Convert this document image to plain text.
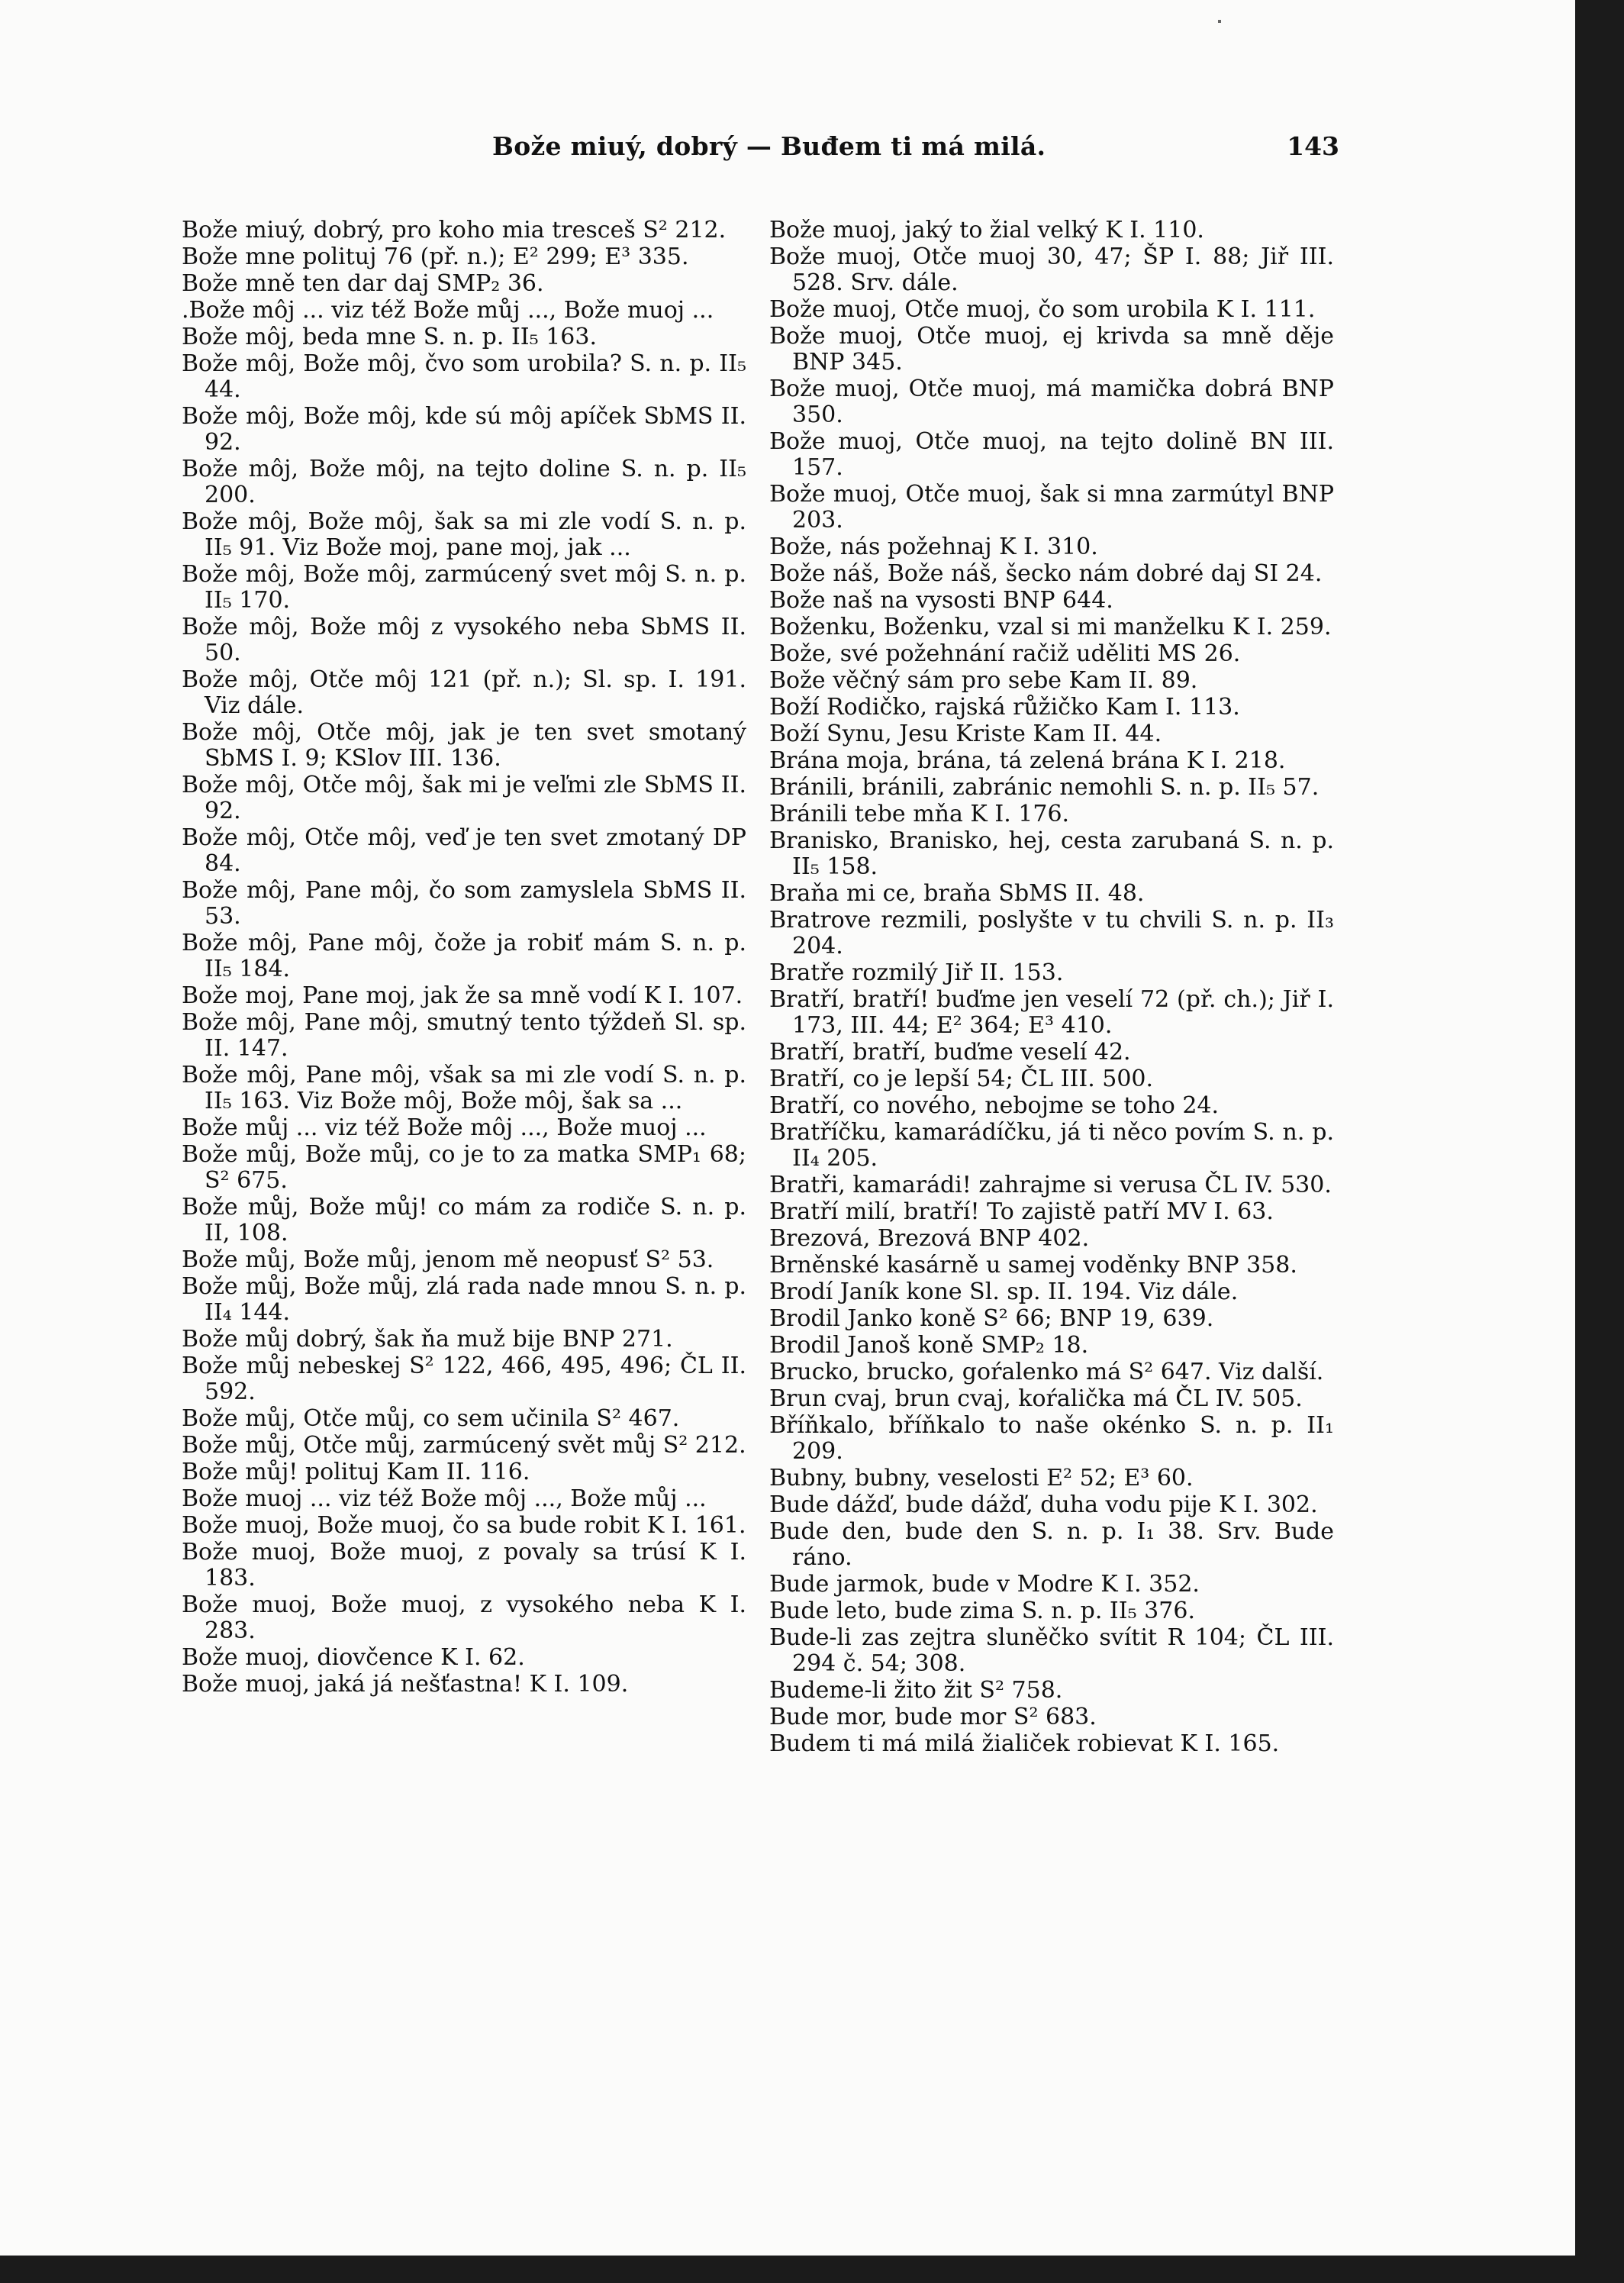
Bože miuý, dobrý — Buđem ti má milá.	143

Bože miuý, dobrý, pro koho mia tresceš S² 212.

Bože mne polituj 76 (př. n.); E² 299; E³ 335.

Bože mně ten dar daj SMP₂ 36.

.Bože môj ... viz též Bože můj ..., Bože muoj ...

Bože môj, beda mne S. n. p. II₅ 163.

Bože môj, Bože môj, čvo som urobila? S. n. p. II₅ 44.

Bože môj, Bože môj, kde sú môj apíček SbMS II. 92.

Bože môj, Bože môj, na tejto doline S. n. p. II₅ 200.

Bože môj, Bože môj, šak sa mi zle vodí S. n. p. II₅ 91. Viz Bože moj, pane moj, jak ...

Bože môj, Bože môj, zarmúcený svet môj S. n. p. II₅ 170.

Bože môj, Bože môj z vysokého neba SbMS II. 50.

Bože môj, Otče môj 121 (př. n.); Sl. sp. I. 191. Viz dále.

Bože môj, Otče môj, jak je ten svet smotaný SbMS I. 9; KSlov III. 136.

Bože môj, Otče môj, šak mi je veľmi zle SbMS II. 92.

Bože môj, Otče môj, veď je ten svet zmotaný DP 84.

Bože môj, Pane môj, čo som zamyslela SbMS II. 53.

Bože môj, Pane môj, čože ja robiť mám S. n. p. II₅ 184.

Bože moj, Pane moj, jak že sa mně vodí K I. 107.

Bože môj, Pane môj, smutný tento týždeň Sl. sp. II. 147.

Bože môj, Pane môj, však sa mi zle vodí S. n. p. II₅ 163. Viz Bože môj, Bože môj, šak sa ...

Bože můj ... viz též Bože môj ..., Bože muoj ...

Bože můj, Bože můj, co je to za matka SMP₁ 68; S² 675.

Bože můj, Bože můj! co mám za rodiče S. n. p. II, 108.

Bože můj, Bože můj, jenom mě neopusť S² 53.

Bože můj, Bože můj, zlá rada nade mnou S. n. p. II₄ 144.

Bože můj dobrý, šak ňa muž bije BNP 271.

Bože můj nebeskej S² 122, 466, 495, 496; ČL II. 592.

Bože můj, Otče můj, co sem učinila S² 467.

Bože můj, Otče můj, zarmúcený svět můj S² 212.

Bože můj! polituj Kam II. 116.

Bože muoj ... viz též Bože môj ..., Bože můj ...

Bože muoj, Bože muoj, čo sa bude robit K I. 161.

Bože muoj, Bože muoj, z povaly sa trúsí K I. 183.

Bože muoj, Bože muoj, z vysokého neba K I. 283.

Bože muoj, diovčence K I. 62.

Bože muoj, jaká já nešťastna! K I. 109.

Bože muoj, jaký to žial velký K I. 110.

Bože muoj, Otče muoj 30, 47; ŠP I. 88; Jiř III. 528. Srv. dále.

Bože muoj, Otče muoj, čo som urobila K I. 111.

Bože muoj, Otče muoj, ej krivda sa mně děje BNP 345.

Bože muoj, Otče muoj, má mamička dobrá BNP 350.

Bože muoj, Otče muoj, na tejto dolině BN III. 157.

Bože muoj, Otče muoj, šak si mna zarmútyl BNP 203.

Bože, nás požehnaj K I. 310.

Bože náš, Bože náš, šecko nám dobré daj SI 24.

Bože naš na vysosti BNP 644.

Boženku, Boženku, vzal si mi manželku K I. 259.

Bože, své požehnání račiž uděliti MS 26.

Bože věčný sám pro sebe Kam II. 89.

Boží Rodičko, rajská růžičko Kam I. 113.

Boží Synu, Jesu Kriste Kam II. 44.

Brána moja, brána, tá zelená brána K I. 218.

Bránili, bránili, zabránic nemohli S. n. p. II₅ 57.

Bránili tebe mňa K I. 176.

Branisko, Branisko, hej, cesta zarubaná S. n. p. II₅ 158.

Braňa mi ce, braňa SbMS II. 48.

Bratrove rezmili, poslyšte v tu chvili S. n. p. II₃ 204.

Bratře rozmilý Jiř II. 153.

Bratří, bratří! buďme jen veselí 72 (př. ch.); Jiř I. 173, III. 44; E² 364; E³ 410.

Bratří, bratří, buďme veselí 42.

Bratří, co je lepší 54; ČL III. 500.

Bratří, co nového, nebojme se toho 24.

Bratříčku, kamarádíčku, já ti něco povím S. n. p. II₄ 205.

Bratři, kamarádi! zahrajme si verusa ČL IV. 530.

Bratří milí, bratří! To zajistě patří MV I. 63.

Brezová, Brezová BNP 402.

Brněnské kasárně u samej voděnky BNP 358.

Brodí Janík kone Sl. sp. II. 194. Viz dále.

Brodil Janko koně S² 66; BNP 19, 639.

Brodil Janoš koně SMP₂ 18.

Brucko, brucko, goŕalenko má S² 647. Viz další.

Brun cvaj, brun cvaj, koŕalička má ČL IV. 505.

Bříňkalo, bříňkalo to naše okénko S. n. p. II₁ 209.

Bubny, bubny, veselosti E² 52; E³ 60.

Bude dážď, bude dážď, duha vodu pije K I. 302.

Bude den, bude den S. n. p. I₁ 38. Srv. Bude ráno.

Bude jarmok, bude v Modre K I. 352.

Bude leto, bude zima S. n. p. II₅ 376.

Bude-li zas zejtra sluněčko svítit R 104; ČL III. 294 č. 54; 308.

Budeme-li žito žit S² 758.

Bude mor, bude mor S² 683.

Budem ti má milá žialiček robievat K I. 165.
